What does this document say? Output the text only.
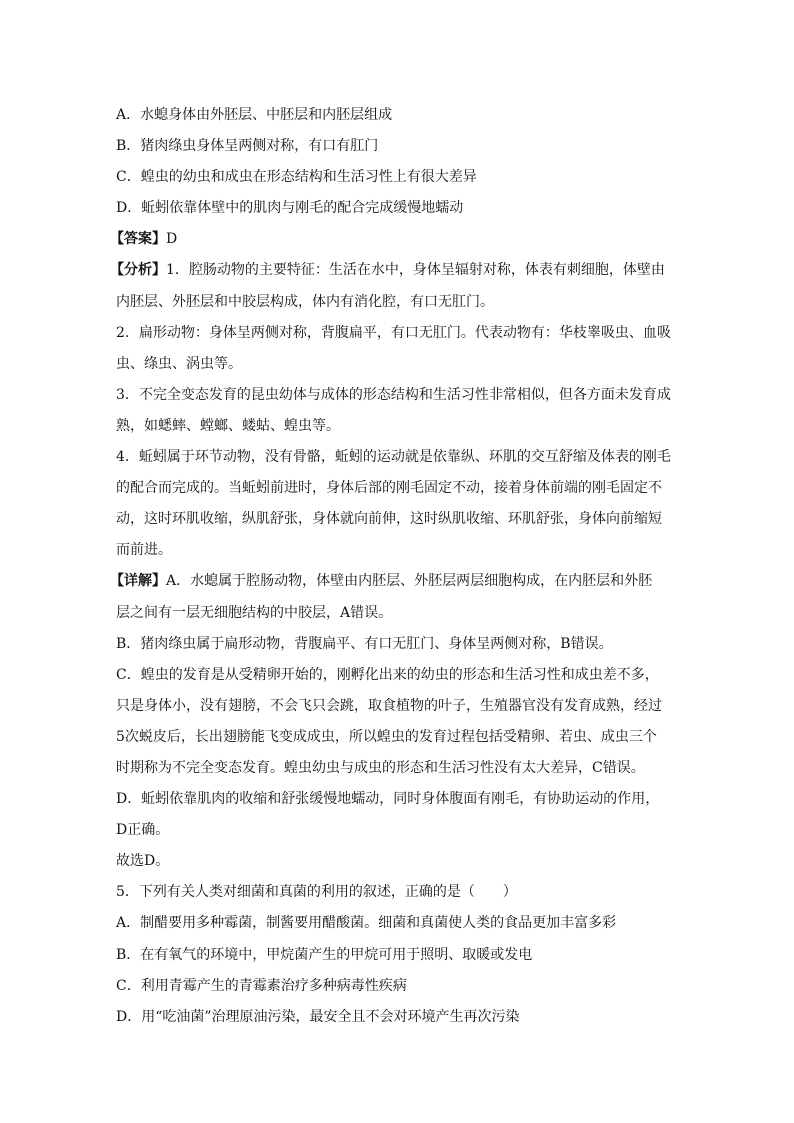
A．水螅身体由外胚层、中胚层和内胚层组成

B．猪肉绦虫身体呈两侧对称，有口有肛门

C．蝗虫的幼虫和成虫在形态结构和生活习性上有很大差异

D．蚯蚓依靠体壁中的肌肉与刚毛的配合完成缓慢地蠕动

【答案】D

【分析】1．腔肠动物的主要特征：生活在水中，身体呈辐射对称，体表有刺细胞，体壁由

内胚层、外胚层和中胶层构成，体内有消化腔，有口无肛门。

2．扁形动物：身体呈两侧对称，背腹扁平，有口无肛门。代表动物有：华枝睾吸虫、血吸

虫、绦虫、涡虫等。

3．不完全变态发育的昆虫幼体与成体的形态结构和生活习性非常相似，但各方面未发育成

熟，如蟋蟀、螳螂、蝼蛄、蝗虫等。

4．蚯蚓属于环节动物，没有骨骼，蚯蚓的运动就是依靠纵、环肌的交互舒缩及体表的刚毛

的配合而完成的。当蚯蚓前进时，身体后部的刚毛固定不动，接着身体前端的刚毛固定不

动，这时环肌收缩，纵肌舒张，身体就向前伸，这时纵肌收缩、环肌舒张，身体向前缩短

而前进。

【详解】A．水螅属于腔肠动物，体壁由内胚层、外胚层两层细胞构成，在内胚层和外胚

层之间有一层无细胞结构的中胶层，A错误。

B．猪肉绦虫属于扁形动物，背腹扁平、有口无肛门、身体呈两侧对称，B错误。

C．蝗虫的发育是从受精卵开始的，刚孵化出来的幼虫的形态和生活习性和成虫差不多，

只是身体小，没有翅膀，不会飞只会跳，取食植物的叶子，生殖器官没有发育成熟，经过

5次蜕皮后，长出翅膀能飞变成成虫，所以蝗虫的发育过程包括受精卵、若虫、成虫三个

时期称为不完全变态发育。蝗虫幼虫与成虫的形态和生活习性没有太大差异，C错误。

D．蚯蚓依靠肌肉的收缩和舒张缓慢地蠕动，同时身体腹面有刚毛，有协助运动的作用，

D正确。

故选D。

5．下列有关人类对细菌和真菌的利用的叙述，正确的是（　　）

A．制醋要用多种霉菌，制酱要用醋酸菌。细菌和真菌使人类的食品更加丰富多彩

B．在有氧气的环境中，甲烷菌产生的甲烷可用于照明、取暖或发电

C．利用青霉产生的青霉素治疗多种病毒性疾病

D．用“吃油菌”治理原油污染，最安全且不会对环境产生再次污染
